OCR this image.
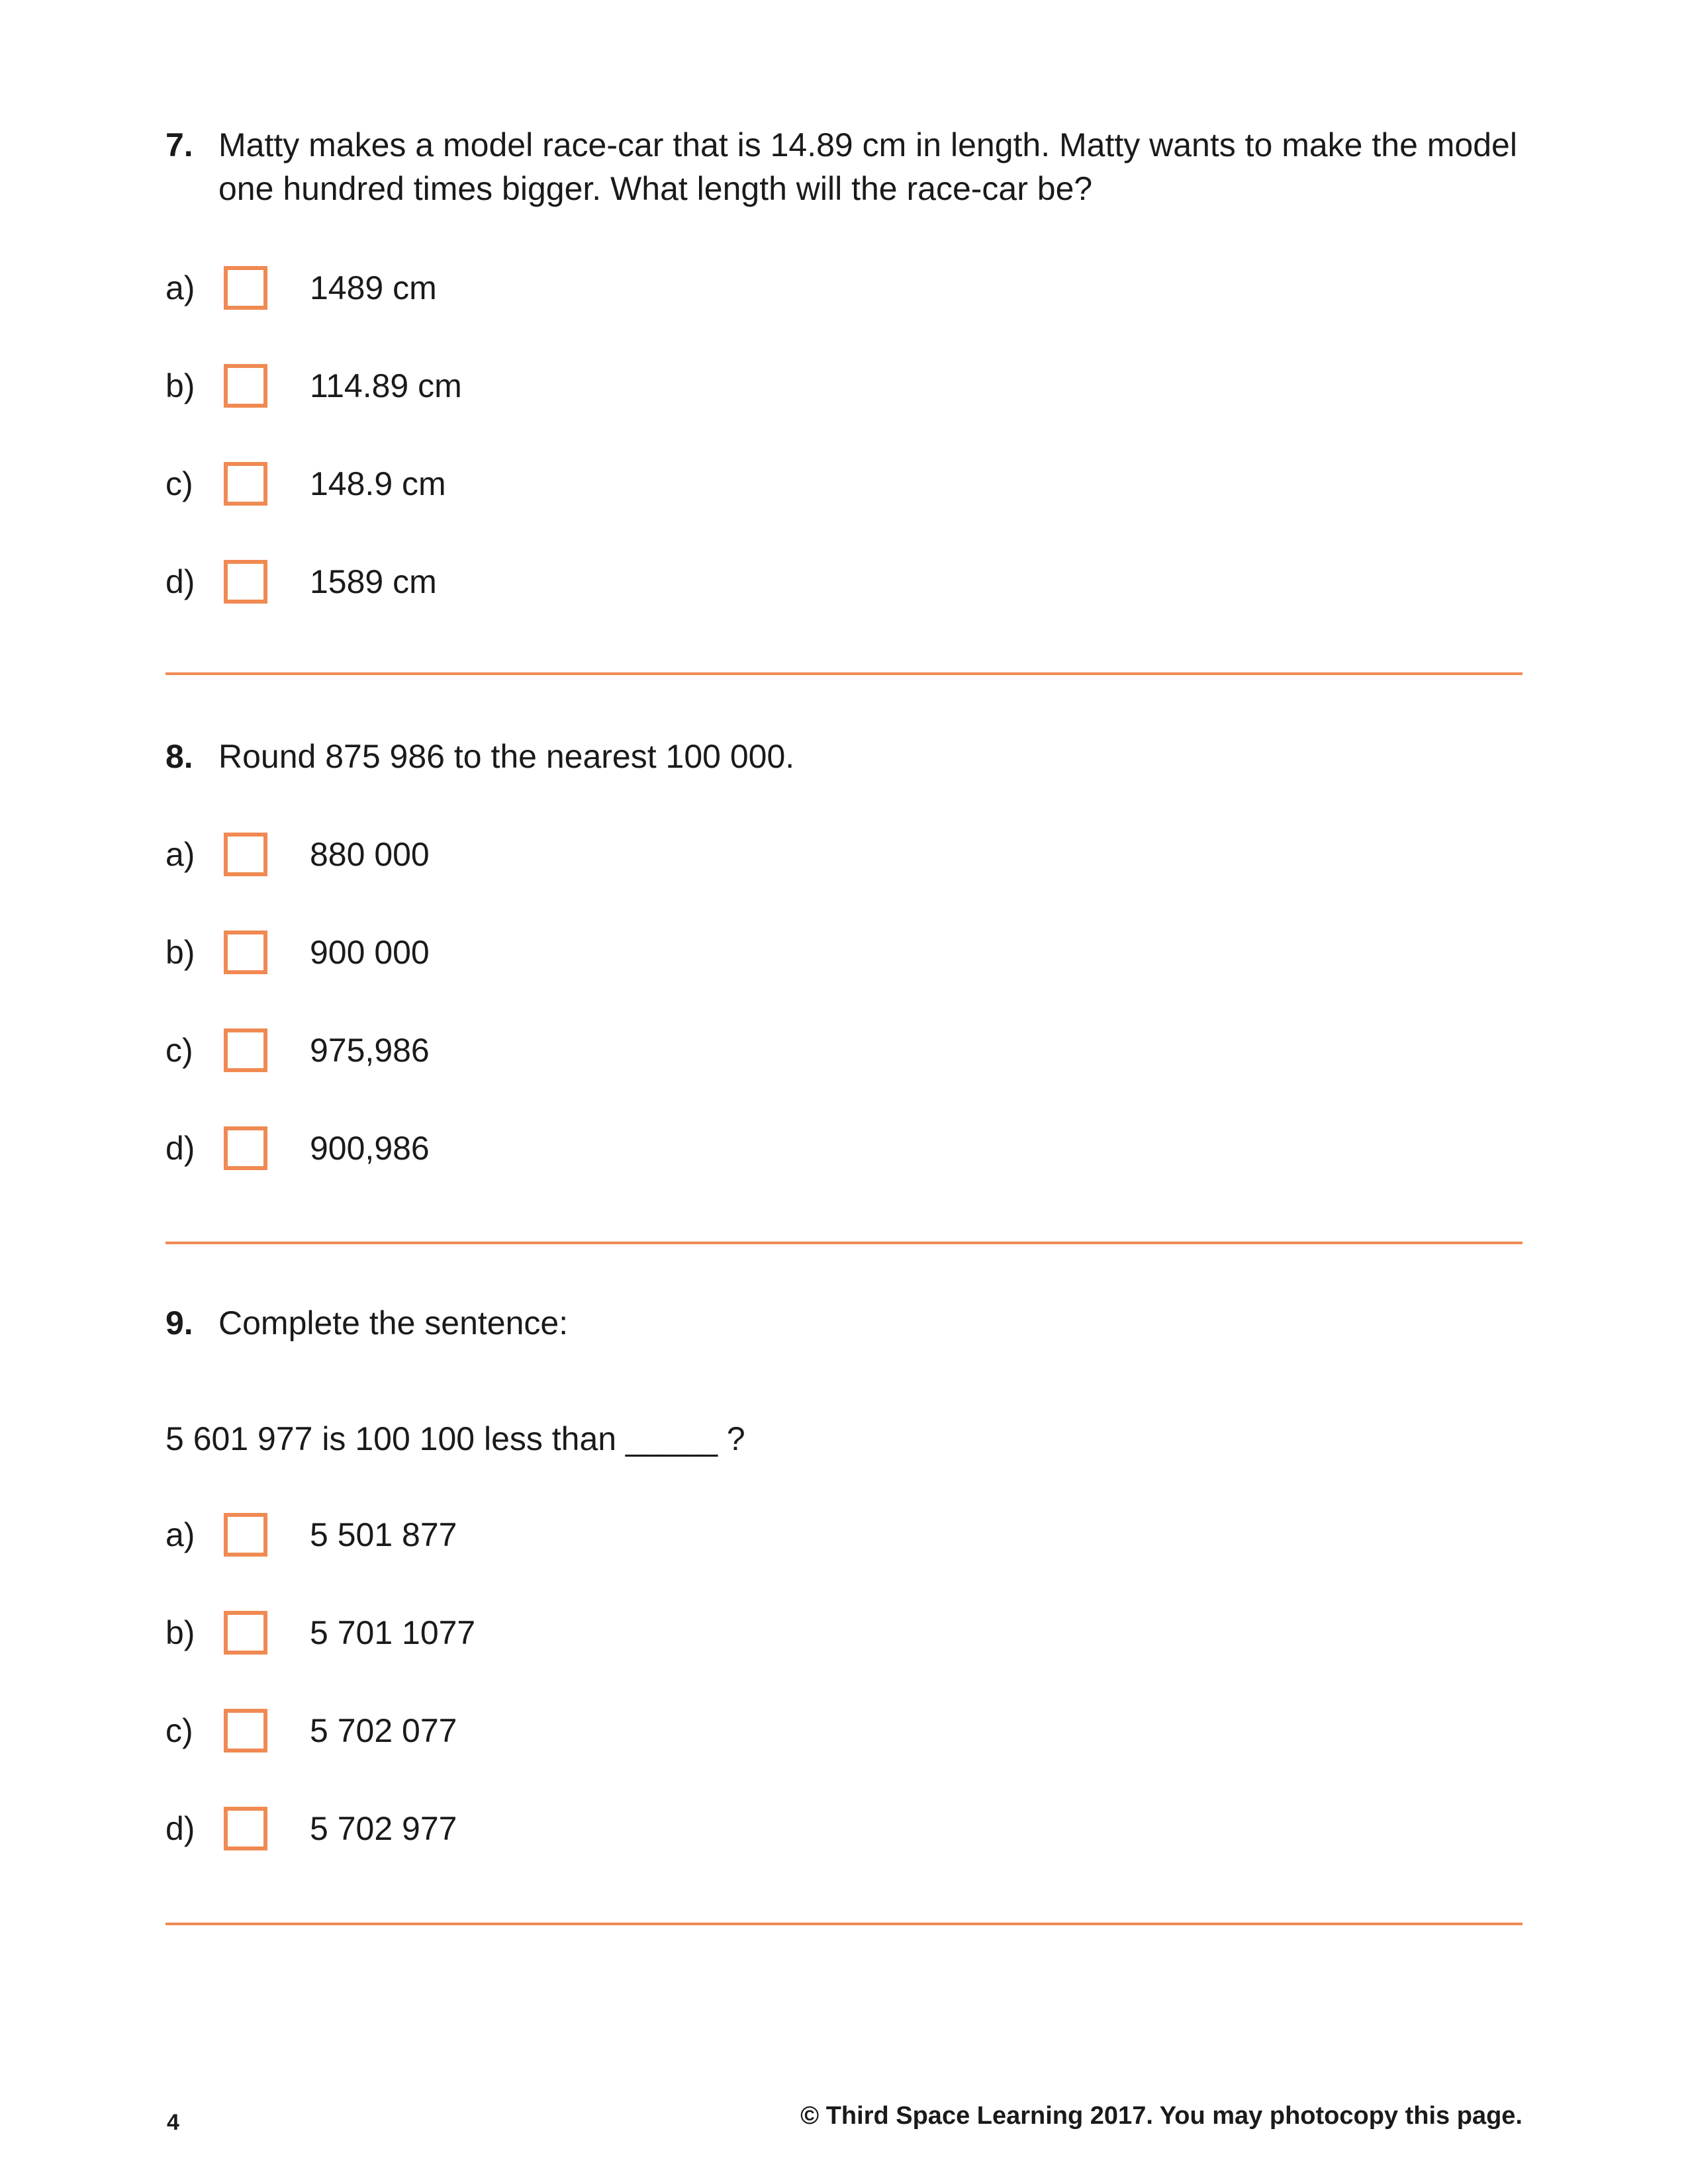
7. Matty makes a model race-car that is 14.89 cm in length. Matty wants to make the model one hundred times bigger. What length will the race-car be?
a)	1489 cm
b)	114.89 cm
c)	148.9 cm
d)	1589 cm
8. Round 875 986 to the nearest 100 000.
a)	880 000
b)	900 000
c)	975,986
d)	900,986
9. Complete the sentence:
5 601 977 is 100 100 less than _____ ?
a)	5 501 877
b)	5 701 1077
c)	5 702 077
d)	5 702 977
4	© Third Space Learning 2017. You may photocopy this page.
